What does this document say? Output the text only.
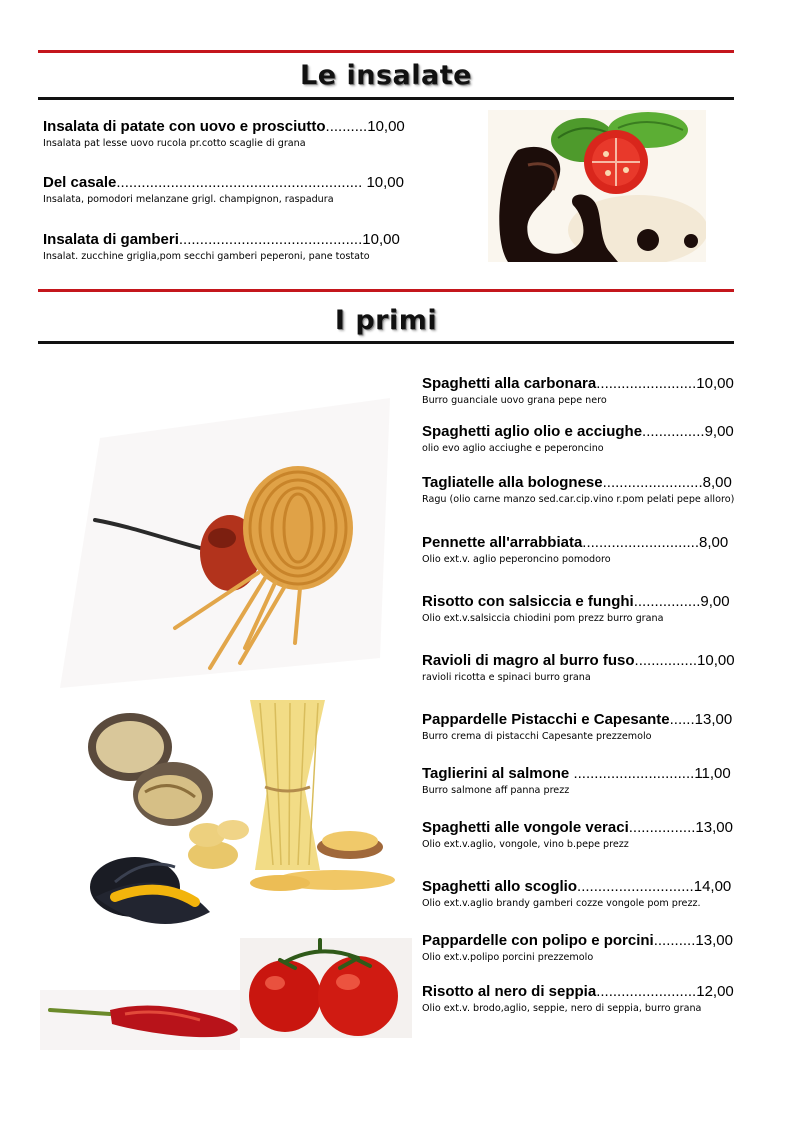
Le insalate
Insalata di patate con uovo e prosciutto..........10,00
Insalata pat lesse uovo rucola pr.cotto scaglie di grana
Del casale........................................................... 10,00
Insalata, pomodori melanzane grigl. champignon, raspadura
Insalata di gamberi............................................10,00
Insalat. zucchine griglia,pom secchi gamberi peperoni, pane tostato
I primi
Spaghetti alla carbonara........................10,00
Burro guanciale uovo grana pepe nero
Spaghetti aglio olio e acciughe...............9,00
olio evo aglio acciughe e peperoncino
Tagliatelle alla bolognese........................8,00
Ragu (olio carne manzo sed.car.cip.vino r.pom pelati pepe alloro)
Pennette all'arrabbiata............................8,00
Olio ext.v. aglio peperoncino pomodoro
Risotto con salsiccia e funghi................9,00
Olio ext.v.salsiccia chiodini pom prezz burro grana
Ravioli di magro al burro fuso...............10,00
ravioli ricotta e spinaci burro grana
Pappardelle Pistacchi e Capesante......13,00
Burro crema di pistacchi Capesante prezzemolo
Taglierini al salmone .............................11,00
Burro salmone aff panna prezz
Spaghetti alle vongole veraci................13,00
Olio ext.v.aglio, vongole, vino b.pepe prezz
Spaghetti allo scoglio............................14,00
Olio ext.v.aglio brandy gamberi cozze vongole pom prezz.
Pappardelle con polipo e porcini..........13,00
Olio ext.v.polipo porcini prezzemolo
Risotto al nero di seppia........................12,00
Olio ext.v. brodo,aglio, seppie, nero di seppia, burro grana
